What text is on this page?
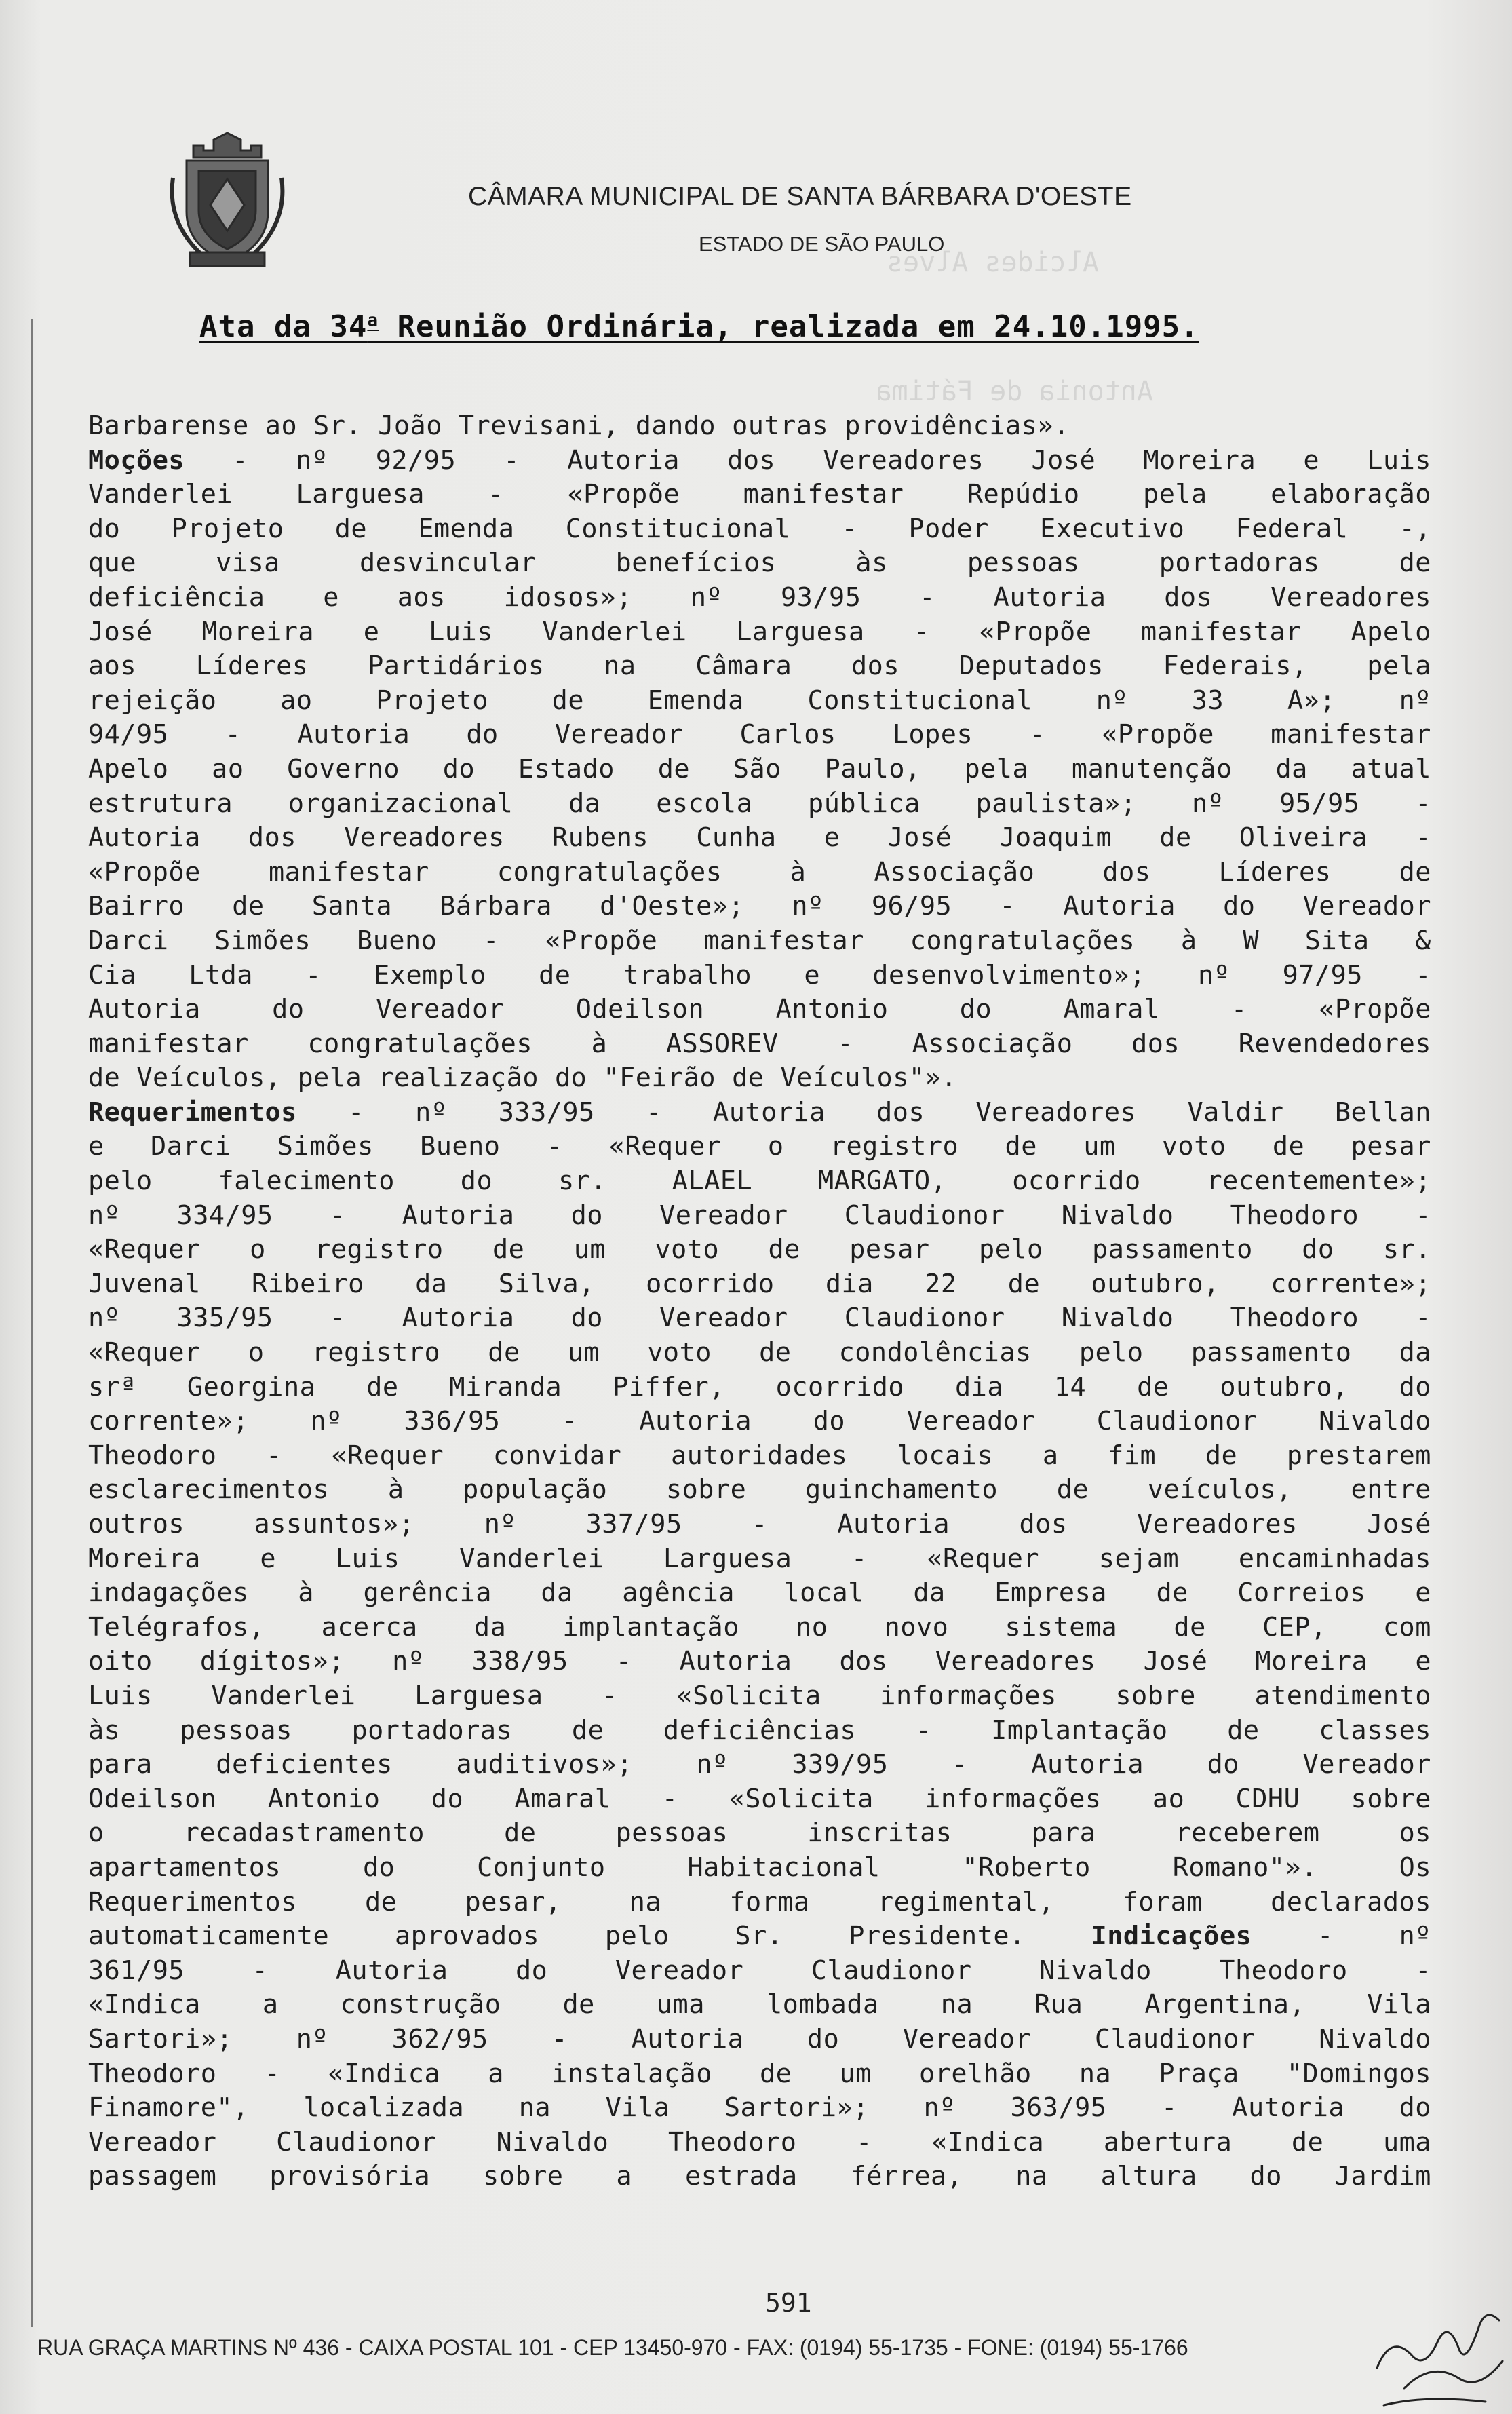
Alcides Alves
Antonia de Fátima
CÂMARA MUNICIPAL DE SANTA BÁRBARA D'OESTE
ESTADO DE SÃO PAULO
Ata da 34$^a$ Reunião Ordinária, realizada em 24.10.1995.
Barbarense ao Sr. João Trevisani, dando outras providências».
Moções - nº 92/95 - Autoria dos Vereadores José Moreira e Luis
Vanderlei Larguesa - «Propõe manifestar Repúdio pela elaboração
do Projeto de Emenda Constitucional - Poder Executivo Federal -,
que	visa	desvincular	benefícios	às	pessoas	portadoras	de
deficiência e aos idosos»; nº 93/95 - Autoria dos Vereadores
José Moreira e Luis Vanderlei Larguesa - «Propõe manifestar Apelo
aos Líderes Partidários na Câmara dos Deputados Federais, pela
rejeição ao Projeto de Emenda Constitucional nº 33 A»; nº
94/95 - Autoria do Vereador Carlos Lopes - «Propõe manifestar
Apelo ao Governo do Estado de São Paulo, pela manutenção da atual
estrutura organizacional da escola pública paulista»; nº 95/95 -
Autoria dos Vereadores Rubens Cunha e José Joaquim de Oliveira -
«Propõe	manifestar	congratulações	à	Associação	dos	Líderes	de
Bairro de Santa Bárbara d'Oeste»; nº 96/95 - Autoria do Vereador
Darci Simões Bueno - «Propõe manifestar congratulações à W Sita &
Cia Ltda - Exemplo de trabalho e desenvolvimento»; nº 97/95 -
Autoria	do	Vereador	Odeilson	Antonio	do	Amaral	-	«Propõe
manifestar congratulações à ASSOREV - Associação dos Revendedores
de Veículos, pela realização do "Feirão de Veículos"».
Requerimentos - nº 333/95 - Autoria dos Vereadores Valdir Bellan
e Darci Simões Bueno - «Requer o registro de um voto de pesar
pelo	falecimento	do	sr.	ALAEL	MARGATO,	ocorrido	recentemente»;
nº 334/95 - Autoria do Vereador Claudionor Nivaldo Theodoro -
«Requer o registro de um voto de pesar pelo passamento do sr.
Juvenal Ribeiro da Silva, ocorrido dia 22 de outubro, corrente»;
nº 335/95 - Autoria do Vereador Claudionor Nivaldo Theodoro -
«Requer o registro de um voto de condolências pelo passamento da
srª Georgina de Miranda Piffer, ocorrido dia 14 de outubro, do
corrente»; nº 336/95 - Autoria do Vereador Claudionor Nivaldo
Theodoro - «Requer convidar autoridades locais a fim de prestarem
esclarecimentos à população sobre guinchamento de veículos, entre
outros	assuntos»;	nº	337/95	-	Autoria	dos	Vereadores	José
Moreira e Luis Vanderlei Larguesa - «Requer sejam encaminhadas
indagações à gerência da agência local da Empresa de Correios e
Telégrafos, acerca da implantação no novo sistema de CEP, com
oito dígitos»; nº 338/95 - Autoria dos Vereadores José Moreira e
Luis Vanderlei Larguesa - «Solicita informações sobre atendimento
às pessoas portadoras de deficiências - Implantação de classes
para deficientes auditivos»; nº 339/95 - Autoria do Vereador
Odeilson Antonio do Amaral - «Solicita informações ao CDHU sobre
o	recadastramento	de	pessoas	inscritas	para	receberem	os
apartamentos	do	Conjunto	Habitacional	"Roberto	Romano"».	Os
Requerimentos	de	pesar,	na	forma	regimental,	foram	declarados
automaticamente	aprovados	pelo	Sr.	Presidente.	Indicações	-	nº
361/95	-	Autoria	do	Vereador	Claudionor	Nivaldo	Theodoro	-
«Indica a construção de uma lombada na Rua Argentina, Vila
Sartori»; nº 362/95 - Autoria do Vereador Claudionor Nivaldo
Theodoro - «Indica a instalação de um orelhão na Praça "Domingos
Finamore", localizada na Vila Sartori»; nº 363/95 - Autoria do
Vereador Claudionor Nivaldo Theodoro - «Indica abertura de uma
passagem provisória sobre a estrada férrea, na altura do Jardim
591
RUA GRAÇA MARTINS Nº 436 - CAIXA POSTAL 101 - CEP 13450-970 - FAX: (0194) 55-1735 - FONE: (0194) 55-1766
